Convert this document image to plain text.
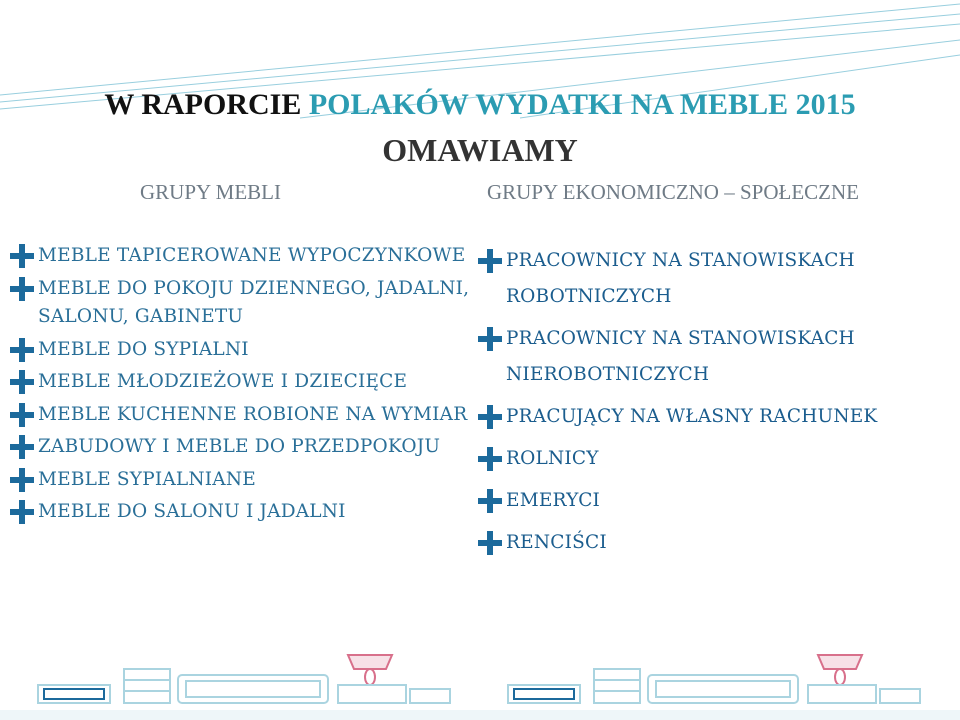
W RAPORCIE POLAKÓW WYDATKI NA MEBLE 2015
OMAWIAMY
GRUPY MEBLI	GRUPY EKONOMICZNO – SPOŁECZNE
MEBLE TAPICEROWANE WYPOCZYNKOWE
MEBLE DO POKOJU DZIENNEGO, JADALNI, SALONU, GABINETU
MEBLE DO SYPIALNI
MEBLE MŁODZIEŻOWE I DZIECIĘCE
MEBLE KUCHENNE ROBIONE NA WYMIAR
ZABUDOWY I MEBLE DO PRZEDPOKOJU
MEBLE SYPIALNIANE
MEBLE DO SALONU I JADALNI
PRACOWNICY NA STANOWISKACH ROBOTNICZYCH
PRACOWNICY NA STANOWISKACH NIEROBOTNICZYCH
PRACUJĄCY NA WŁASNY RACHUNEK
ROLNICY
EMERYCI
RENCIŚCI
